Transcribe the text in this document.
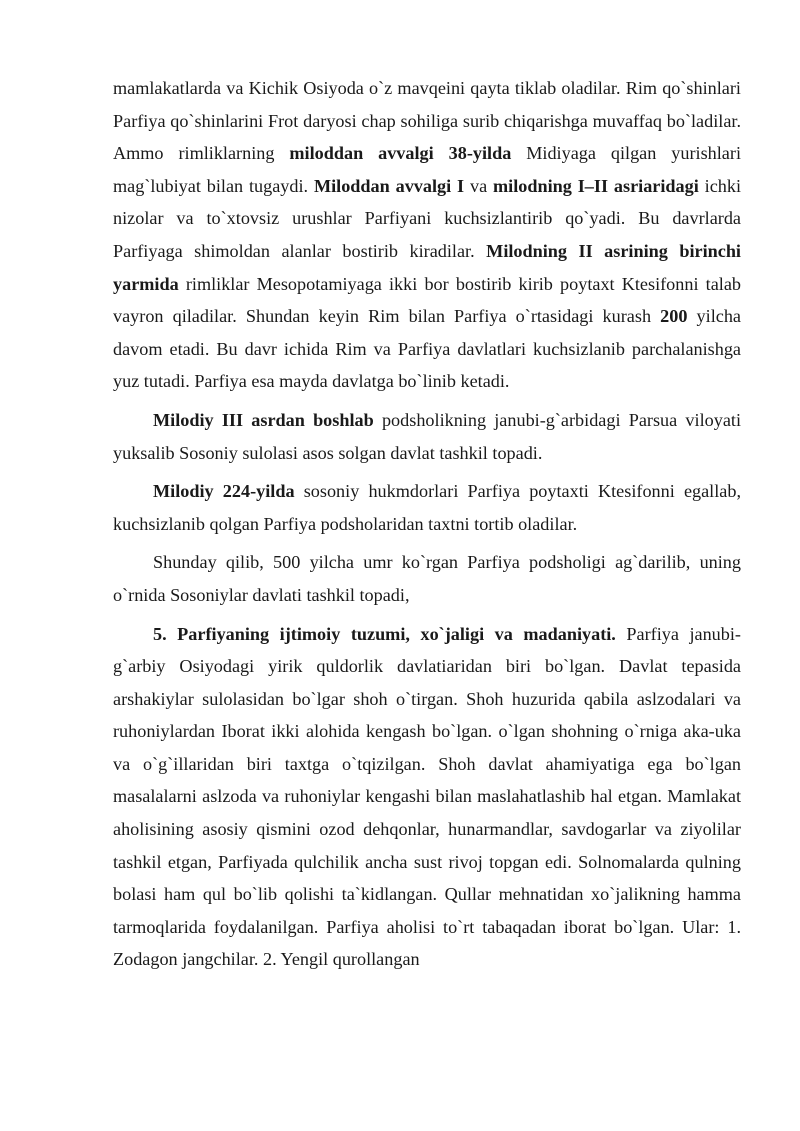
mamlakatlarda va Kichik Osiyoda o`z mavqeini qayta tiklab oladilar. Rim qo`shinlari Parfiya qo`shinlarini Frot daryosi chap sohiliga surib chiqarishga muvaffaq bo`ladilar. Ammo rimliklarning miloddan avvalgi 38-yilda Midiyaga qilgan yurishlari mag`lubiyat bilan tugaydi. Miloddan avvalgi I va milodning I–II asriaridagi ichki nizolar va to`xtovsiz urushlar Parfiyani kuchsizlantirib qo`yadi. Bu davrlarda Parfiyaga shimoldan alanlar bostirib kiradilar. Milodning II asrining birinchi yarmida rimliklar Mesopotamiyaga ikki bor bostirib kirib poytaxt Ktesifonni talab vayron qiladilar. Shundan keyin Rim bilan Parfiya o`rtasidagi kurash 200 yilcha davom etadi. Bu davr ichida Rim va Parfiya davlatlari kuchsizlanib parchalanishga yuz tutadi. Parfiya esa mayda davlatga bo`linib ketadi.

Milodiy III asrdan boshlab podsholikning janubi-g`arbidagi Parsua viloyati yuksalib Sosoniy sulolasi asos solgan davlat tashkil topadi.

Milodiy 224-yilda sosoniy hukmdorlari Parfiya poytaxti Ktesifonni egallab, kuchsizlanib qolgan Parfiya podsholaridan taxtni tortib oladilar.

Shunday qilib, 500 yilcha umr ko`rgan Parfiya podsholigi ag`darilib, uning o`rnida Sosoniylar davlati tashkil topadi,

5. Parfiyaning ijtimoiy tuzumi, xo`jaligi va madaniyati. Parfiya janubi-g`arbiy Osiyodagi yirik quldorlik davlatiaridan biri bo`lgan. Davlat tepasida arshakiylar sulolasidan bo`lgar shoh o`tirgan. Shoh huzurida qabila aslzodalari va ruhoniylardan Iborat ikki alohida kengash bo`lgan. o`lgan shohning o`rniga aka-uka va o`g`illaridan biri taxtga o`tqizilgan. Shoh davlat ahamiyatiga ega bo`lgan masalalarni aslzoda va ruhoniylar kengashi bilan maslahatlashib hal etgan. Mamlakat aholisining asosiy qismini ozod dehqonlar, hunarmandlar, savdogarlar va ziyolilar tashkil etgan, Parfiyada qulchilik ancha sust rivoj topgan edi. Solnomalarda qulning bolasi ham qul bo`lib qolishi ta`kidlangan. Qullar mehnatidan xo`jalikning hamma tarmoqlarida foydalanilgan. Parfiya aholisi to`rt tabaqadan iborat bo`lgan. Ular: 1. Zodagon jangchilar. 2. Yengil qurollangan
